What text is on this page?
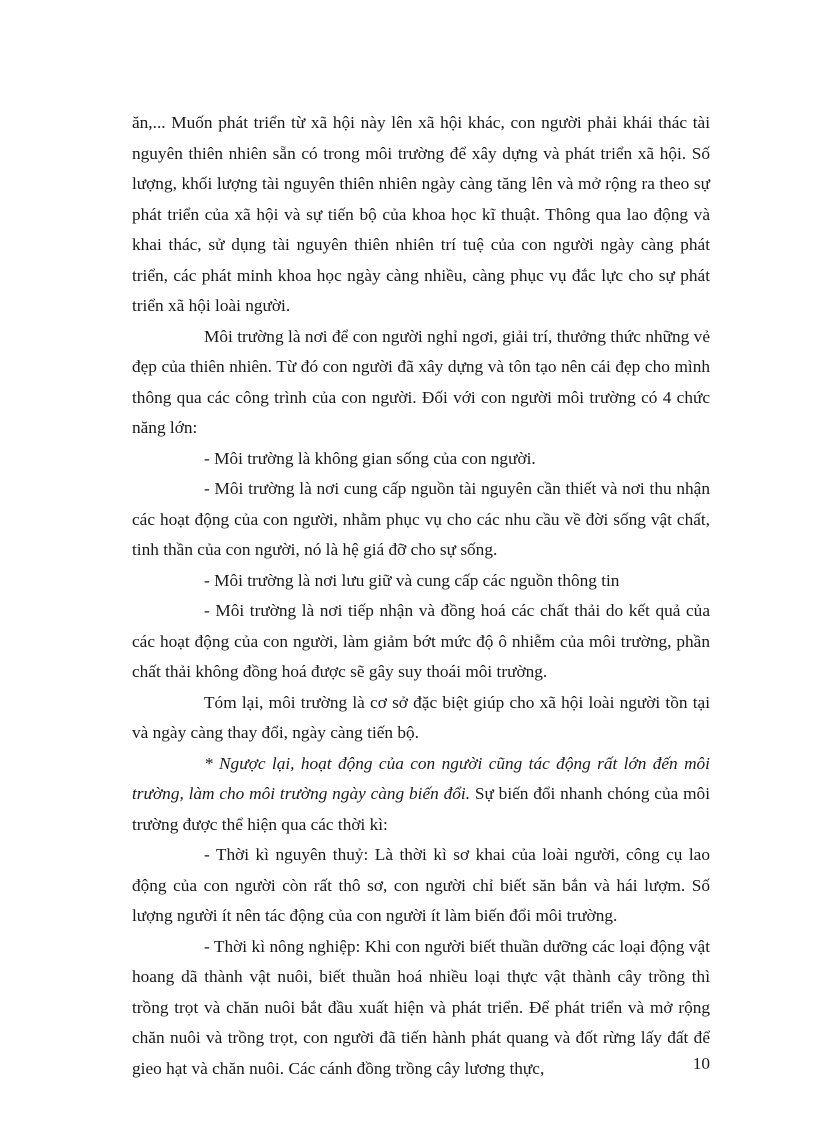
ăn,... Muốn phát triển từ xã hội này lên xã hội khác, con người phải khái thác tài nguyên thiên nhiên sẵn có trong môi trường để xây dựng và phát triển xã hội. Số lượng, khối lượng tài nguyên thiên nhiên ngày càng tăng lên và mở rộng ra theo sự phát triển của xã hội và sự tiến bộ của khoa học kĩ thuật. Thông qua lao động và khai thác, sử dụng tài nguyên thiên nhiên trí tuệ của con người ngày càng phát triển, các phát minh khoa học ngày càng nhiều, càng phục vụ đắc lực cho sự phát triển xã hội loài người.

Môi trường là nơi để con người nghỉ ngơi, giải trí, thưởng thức những vẻ đẹp của thiên nhiên. Từ đó con người đã xây dựng và tôn tạo nên cái đẹp cho mình thông qua các công trình của con người. Đối với con người môi trường có 4 chức năng lớn:

- Môi trường là không gian sống của con người.

- Môi trường là nơi cung cấp nguồn tài nguyên cần thiết và nơi thu nhận các hoạt động của con người, nhằm phục vụ cho các nhu cầu về đời sống vật chất, tinh thần của con người, nó là hệ giá đỡ cho sự sống.

- Môi trường là nơi lưu giữ và cung cấp các nguồn thông tin

- Môi trường là nơi tiếp nhận và đồng hoá các chất thải do kết quả của các hoạt động của con người, làm giảm bớt mức độ ô nhiễm của môi trường, phần chất thải không đồng hoá được sẽ gây suy thoái môi trường.

Tóm lại, môi trường là cơ sở đặc biệt giúp cho xã hội loài người tồn tại và ngày càng thay đổi, ngày càng tiến bộ.

* Ngược lại, hoạt động của con người cũng tác động rất lớn đến môi trường, làm cho môi trường ngày càng biến đổi. Sự biến đổi nhanh chóng của môi trường được thể hiện qua các thời kì:

- Thời kì nguyên thuỷ: Là thời kì sơ khai của loài người, công cụ lao động của con người còn rất thô sơ, con người chỉ biết săn bắn và hái lượm. Số lượng người ít nên tác động của con người ít làm biến đổi môi trường.

- Thời kì nông nghiệp: Khi con người biết thuần dưỡng các loại động vật hoang dã thành vật nuôi, biết thuần hoá nhiều loại thực vật thành cây trồng thì trồng trọt và chăn nuôi bắt đầu xuất hiện và phát triển. Để phát triển và mở rộng chăn nuôi và trồng trọt, con người đã tiến hành phát quang và đốt rừng lấy đất để gieo hạt và chăn nuôi. Các cánh đồng trồng cây lương thực,	10
